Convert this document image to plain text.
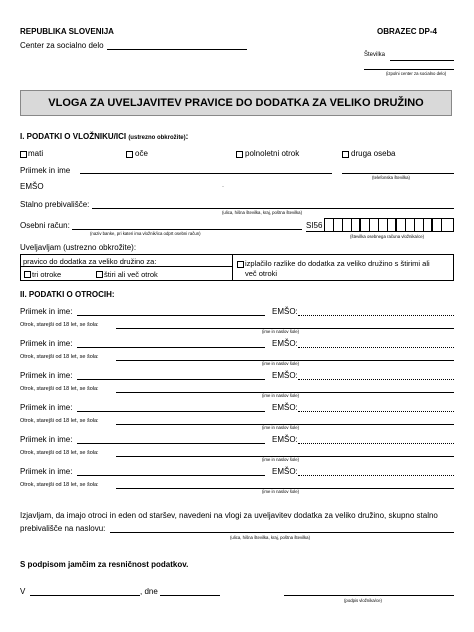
REPUBLIKA SLOVENIJA	OBRAZEC DP-4
Center za socialno delo
Številka
(izpolni center za socialno delo)
VLOGA ZA UVELJAVITEV PRAVICE DO DODATKA ZA VELIKO DRUŽINO
I. PODATKI O VLOŽNIKU/ICI (ustrezno obkrožite):
mati	oče	polnoletni otrok	druga oseba
Priimek in ime
(telefonska številka)
EMŠO	·
Stalno prebivališče:
(ulica, hišna številka, kraj, poštna številka)
Osebni račun:
(naziv banke, pri kateri ima vložnik/ica odprt osebni račun)
SI56
(številka osebnega računa vložnika/ce)
Uveljavljam (ustrezno obkrožite):
pravico do dodatka za veliko družino za:
tri otroke	štiri ali več otrok
izplačilo razlike do dodatka za veliko družino s štirimi ali
več otroki
II. PODATKI O OTROCIH:
Priimek in ime:	EMŠO:
Otrok, starejši od 18 let, se šola:
(ime in naslov šole)
Priimek in ime:	EMŠO:
Otrok, starejši od 18 let, se šola:
(ime in naslov šole)
Priimek in ime:	EMŠO:
Otrok, starejši od 18 let, se šola:
(ime in naslov šole)
Priimek in ime:	EMŠO:
Otrok, starejši od 18 let, se šola:
(ime in naslov šole)
Priimek in ime:	EMŠO:
Otrok, starejši od 18 let, se šola:
(ime in naslov šole)
Priimek in ime:	EMŠO:
Otrok, starejši od 18 let, se šola:
(ime in naslov šole)
Izjavljam, da imajo otroci in eden od staršev, navedeni na vlogi za uveljavitev dodatka za veliko družino, skupno stalno
prebivališče na naslovu:
(ulica, hišna številka, kraj, poštna številka)
S podpisom jamčim za resničnost podatkov.
V	, dne
(podpis vložnika/ce)
